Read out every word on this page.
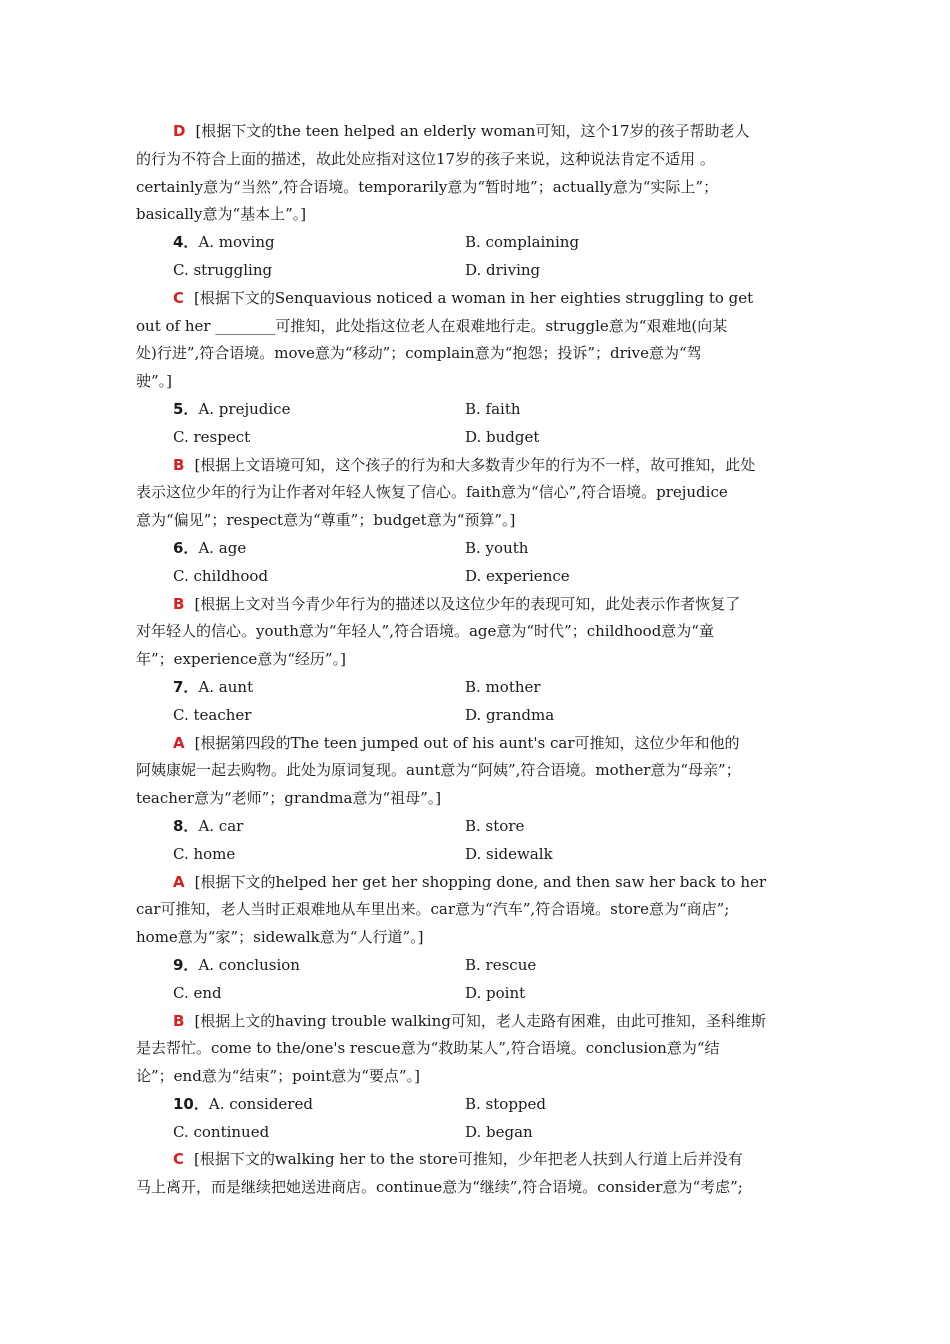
D [根据下文的the teen helped an elderly woman可知，这个17岁的孩子帮助老人
的行为不符合上面的描述，故此处应指对这位17岁的孩子来说，这种说法肯定不适用 。
certainly意为“当然”,符合语境。temporarily意为“暂时地”；actually意为“实际上”；
basically意为“基本上”。]
4．A. moving	B. complaining
C. struggling	D. driving
C [根据下文的Senquavious noticed a woman in her eighties struggling to get
out of her ________可推知，此处指这位老人在艰难地行走。struggle意为“艰难地(向某
处)行进”,符合语境。move意为“移动”；complain意为“抱怨；投诉”；drive意为“驾
驶”。]
5．A. prejudice	B. faith
C. respect	D. budget
B [根据上文语境可知，这个孩子的行为和大多数青少年的行为不一样，故可推知，此处
表示这位少年的行为让作者对年轻人恢复了信心。faith意为“信心”,符合语境。prejudice
意为“偏见”；respect意为“尊重”；budget意为“预算”。]
6．A. age	B. youth
C. childhood	D. experience
B [根据上文对当今青少年行为的描述以及这位少年的表现可知，此处表示作者恢复了
对年轻人的信心。youth意为“年轻人”,符合语境。age意为“时代”；childhood意为“童
年”；experience意为“经历”。]
7．A. aunt	B. mother
C. teacher	D. grandma
A [根据第四段的The teen jumped out of his aunt's car可推知，这位少年和他的
阿姨康妮一起去购物。此处为原词复现。aunt意为“阿姨”,符合语境。mother意为“母亲”；
teacher意为“老师”；grandma意为“祖母”。]
8．A. car	B. store
C. home	D. sidewalk
A [根据下文的helped her get her shopping done, and then saw her back to her
car可推知，老人当时正艰难地从车里出来。car意为“汽车”,符合语境。store意为“商店”;
home意为“家”；sidewalk意为“人行道”。]
9．A. conclusion	B. rescue
C. end	D. point
B [根据上文的having trouble walking可知，老人走路有困难，由此可推知，圣科维斯
是去帮忙。come to the/one's rescue意为“救助某人”,符合语境。conclusion意为“结
论”；end意为“结束”；point意为“要点”。]
10．A. considered	B. stopped
C. continued	D. began
C [根据下文的walking her to the store可推知，少年把老人扶到人行道上后并没有
马上离开，而是继续把她送进商店。continue意为“继续”,符合语境。consider意为“考虑”;
